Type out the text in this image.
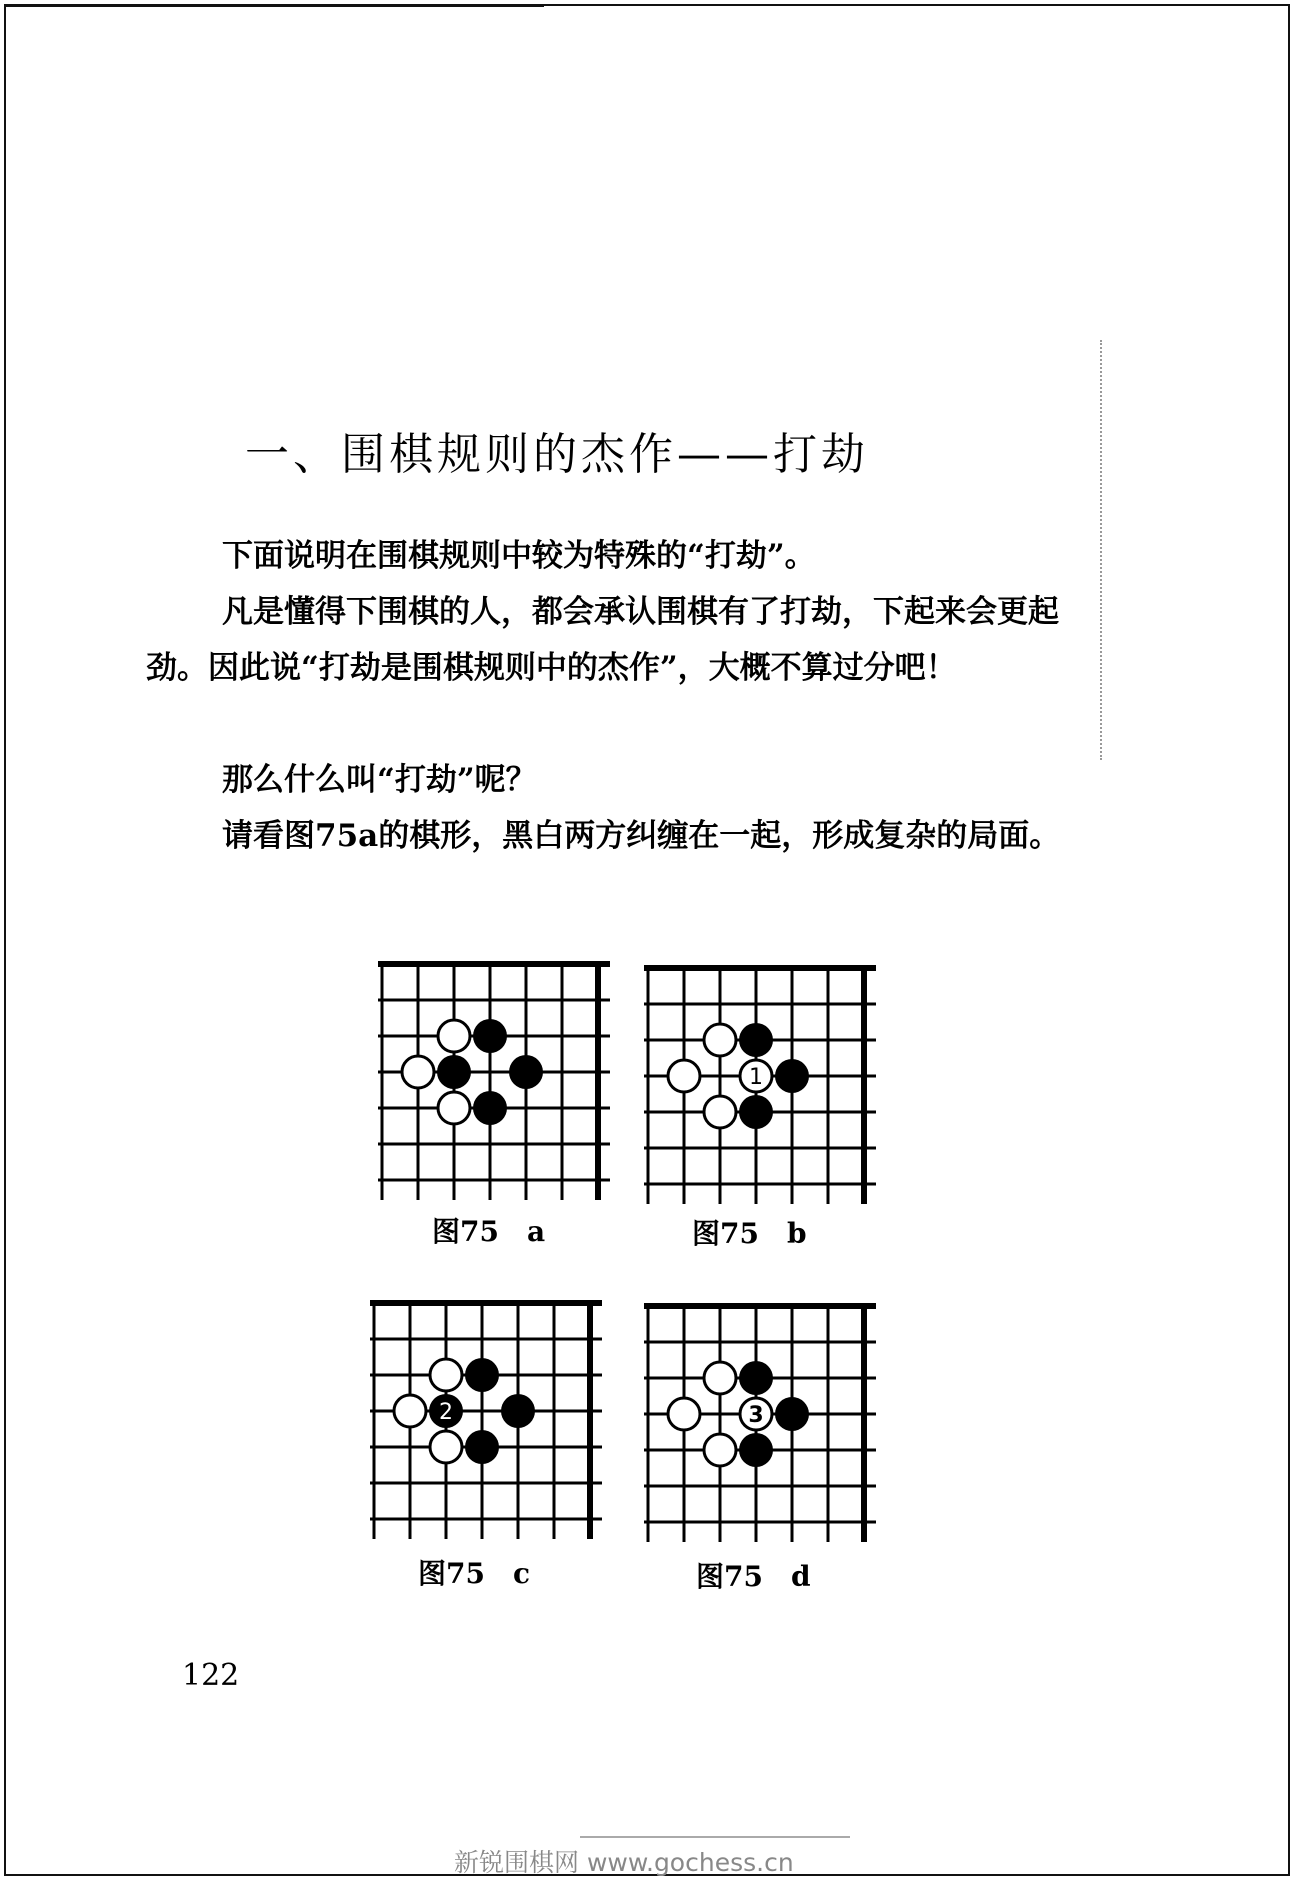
一、围棋规则的杰作——打劫

下面说明在围棋规则中较为特殊的“打劫”。

凡是懂得下围棋的人，都会承认围棋有了打劫，下起来会更起劲。因此说“打劫是围棋规则中的杰作”，大概不算过分吧！

那么什么叫“打劫”呢？

请看图75a的棋形，黑白两方纠缠在一起，形成复杂的局面。

图75　a
1
图75　b
2
图75　c
3
图75　d
122
新锐围棋网 www.gochess.cn
